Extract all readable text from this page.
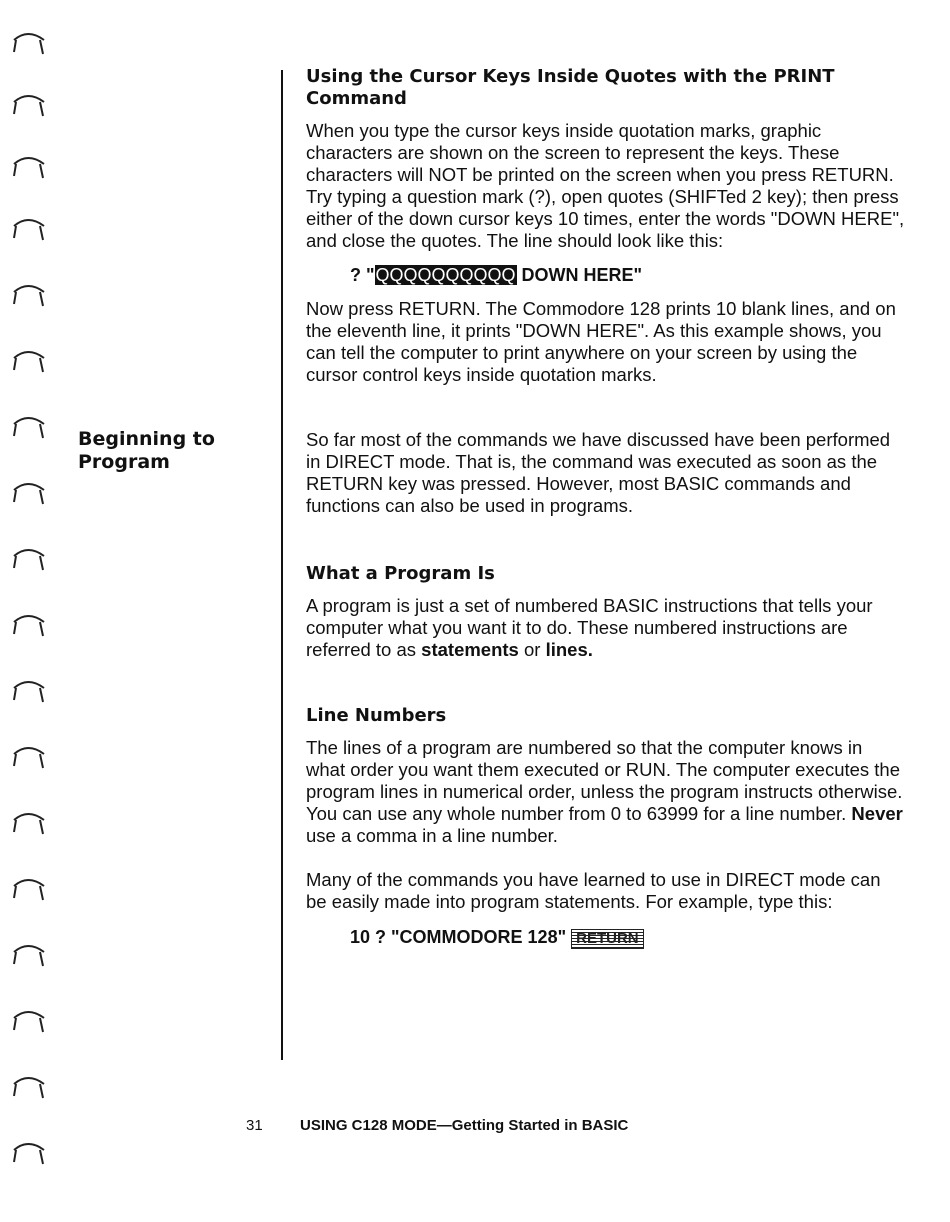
Beginning to Program
Using the Cursor Keys Inside Quotes with the PRINT Command

When you type the cursor keys inside quotation marks, graphic characters are shown on the screen to represent the keys. These characters will NOT be printed on the screen when you press RETURN. Try typing a question mark (?), open quotes (SHIFTed 2 key); then press either of the down cursor keys 10 times, enter the words "DOWN HERE", and close the quotes. The line should look like this:

? "QQQQQQQQQQ DOWN HERE"

Now press RETURN. The Commodore 128 prints 10 blank lines, and on the eleventh line, it prints "DOWN HERE". As this example shows, you can tell the computer to print anywhere on your screen by using the cursor control keys inside quotation marks.

So far most of the commands we have discussed have been performed in DIRECT mode. That is, the command was executed as soon as the RETURN key was pressed. However, most BASIC commands and functions can also be used in programs.

What a Program Is

A program is just a set of numbered BASIC instructions that tells your computer what you want it to do. These numbered instructions are referred to as statements or lines.

Line Numbers

The lines of a program are numbered so that the computer knows in what order you want them executed or RUN. The computer executes the program lines in numerical order, unless the program instructs otherwise. You can use any whole number from 0 to 63999 for a line number. Never use a comma in a line number.

Many of the commands you have learned to use in DIRECT mode can be easily made into program statements. For example, type this:

10 ? "COMMODORE 128" RETURN
31 USING C128 MODE—Getting Started in BASIC
